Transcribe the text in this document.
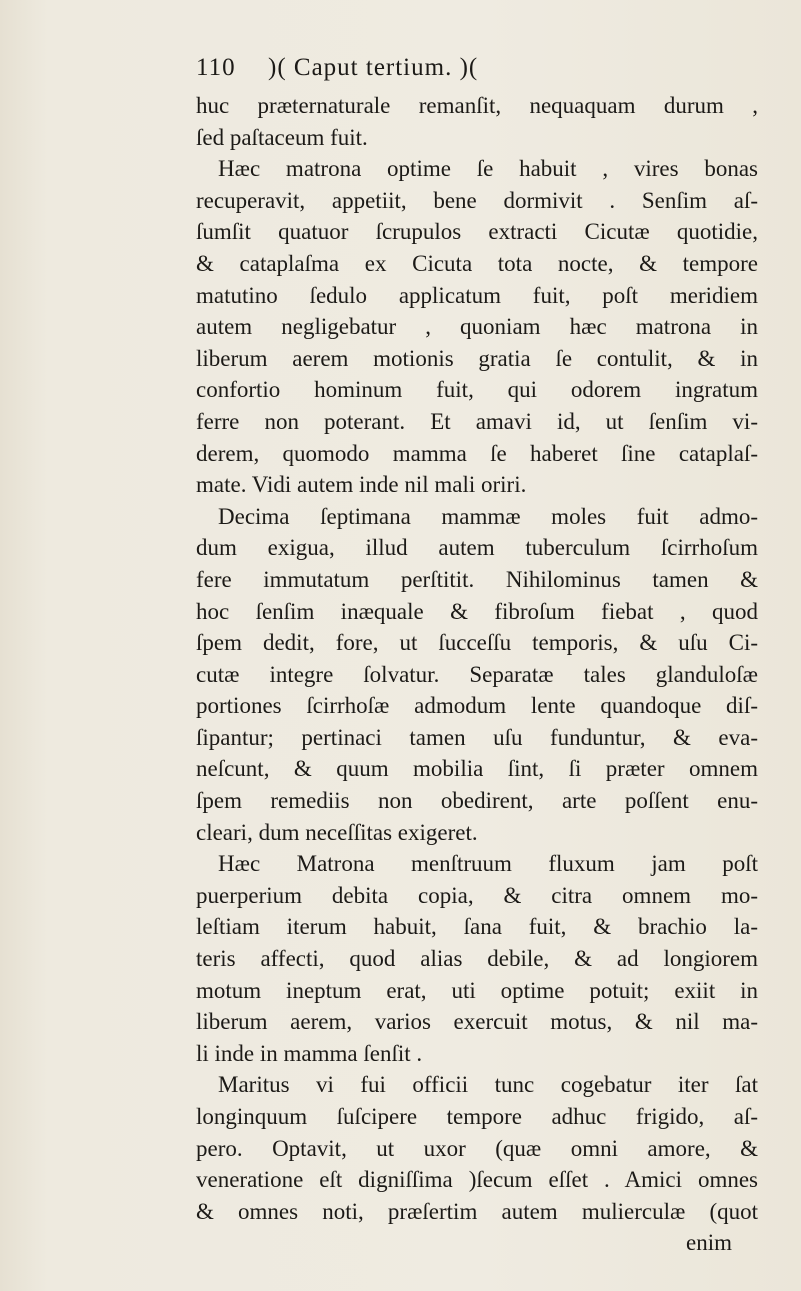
110 )( Caput tertium. )(
huc præternaturale remanſit, nequaquam durum ,
ſed paſtaceum fuit.
Hæc matrona optime ſe habuit , vires bonas
recuperavit, appetiit, bene dormivit . Senſim aſ-
ſumſit quatuor ſcrupulos extracti Cicutæ quotidie,
& cataplaſma ex Cicuta tota nocte, & tempore
matutino ſedulo applicatum fuit, poſt meridiem
autem negligebatur , quoniam hæc matrona in
liberum aerem motionis gratia ſe contulit, & in
confortio hominum fuit, qui odorem ingratum
ferre non poterant. Et amavi id, ut ſenſim vi-
derem, quomodo mamma ſe haberet ſine cataplaſ-
mate. Vidi autem inde nil mali oriri.
Decima ſeptimana mammæ moles fuit admo-
dum exigua, illud autem tuberculum ſcirrhoſum
fere immutatum perſtitit. Nihilominus tamen &
hoc ſenſim inæquale & fibroſum fiebat , quod
ſpem dedit, fore, ut ſucceſſu temporis, & uſu Ci-
cutæ integre ſolvatur. Separatæ tales glanduloſæ
portiones ſcirrhoſæ admodum lente quandoque diſ-
ſipantur; pertinaci tamen uſu funduntur, & eva-
neſcunt, & quum mobilia ſint, ſi præter omnem
ſpem remediis non obedirent, arte poſſent enu-
cleari, dum neceſſitas exigeret.
Hæc Matrona menſtruum fluxum jam poſt
puerperium debita copia, & citra omnem mo-
leſtiam iterum habuit, ſana fuit, & brachio la-
teris affecti, quod alias debile, & ad longiorem
motum ineptum erat, uti optime potuit; exiit in
liberum aerem, varios exercuit motus, & nil ma-
li inde in mamma ſenſit .
Maritus vi fui officii tunc cogebatur iter ſat
longinquum ſuſcipere tempore adhuc frigido, aſ-
pero. Optavit, ut uxor (quæ omni amore, &
veneratione eſt digniſſima )ſecum eſſet . Amici omnes
& omnes noti, præſertim autem mulierculæ (quot
enim
